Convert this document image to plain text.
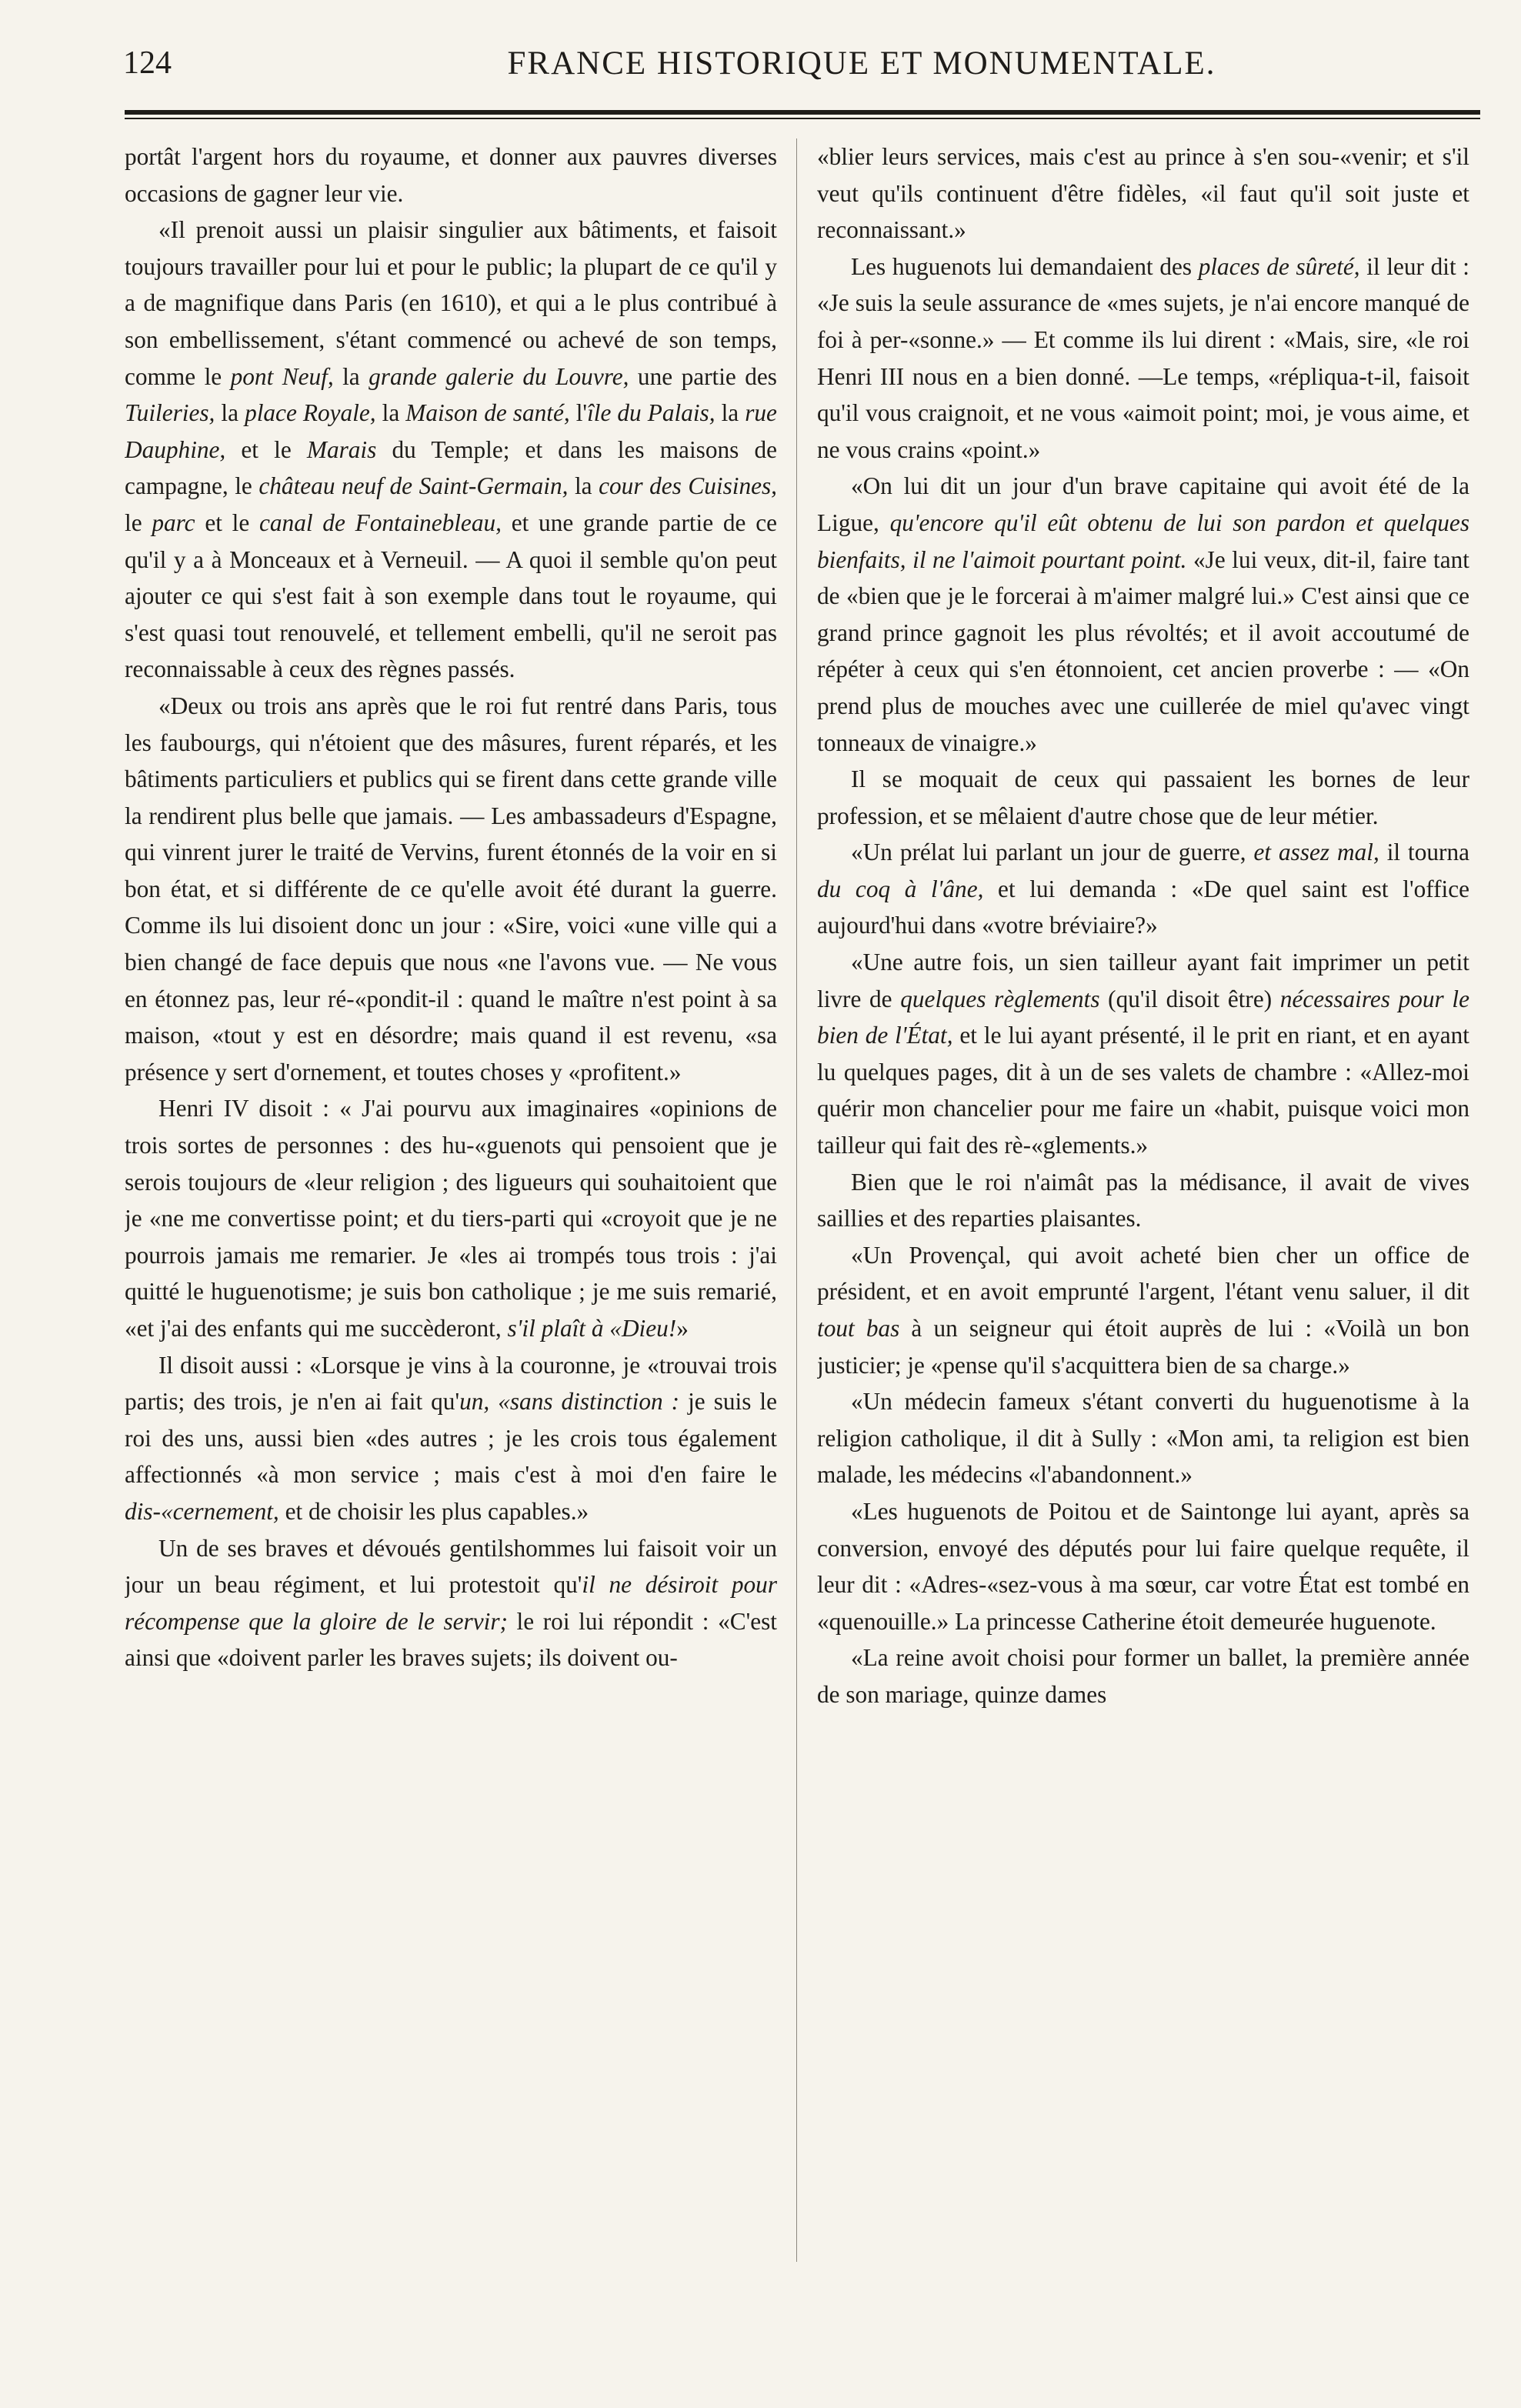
124	FRANCE HISTORIQUE ET MONUMENTALE.

portât l'argent hors du royaume, et donner aux pauvres diverses occasions de gagner leur vie.

«Il prenoit aussi un plaisir singulier aux bâtiments, et faisoit toujours travailler pour lui et pour le public; la plupart de ce qu'il y a de magnifique dans Paris (en 1610), et qui a le plus contribué à son embellissement, s'étant commencé ou achevé de son temps, comme le pont Neuf, la grande galerie du Louvre, une partie des Tuileries, la place Royale, la Maison de santé, l'île du Palais, la rue Dauphine, et le Marais du Temple; et dans les maisons de campagne, le château neuf de Saint-Germain, la cour des Cuisines, le parc et le canal de Fontainebleau, et une grande partie de ce qu'il y a à Monceaux et à Verneuil. — A quoi il semble qu'on peut ajouter ce qui s'est fait à son exemple dans tout le royaume, qui s'est quasi tout renouvelé, et tellement embelli, qu'il ne seroit pas reconnaissable à ceux des règnes passés.

«Deux ou trois ans après que le roi fut rentré dans Paris, tous les faubourgs, qui n'étoient que des mâsures, furent réparés, et les bâtiments particuliers et publics qui se firent dans cette grande ville la rendirent plus belle que jamais. — Les ambassadeurs d'Espagne, qui vinrent jurer le traité de Vervins, furent étonnés de la voir en si bon état, et si différente de ce qu'elle avoit été durant la guerre. Comme ils lui disoient donc un jour : «Sire, voici «une ville qui a bien changé de face depuis que nous «ne l'avons vue. — Ne vous en étonnez pas, leur ré-«pondit-il : quand le maître n'est point à sa maison, «tout y est en désordre; mais quand il est revenu, «sa présence y sert d'ornement, et toutes choses y «profitent.»

Henri IV disoit : « J'ai pourvu aux imaginaires «opinions de trois sortes de personnes : des hu-«guenots qui pensoient que je serois toujours de «leur religion ; des ligueurs qui souhaitoient que je «ne me convertisse point; et du tiers-parti qui «croyoit que je ne pourrois jamais me remarier. Je «les ai trompés tous trois : j'ai quitté le huguenotisme; je suis bon catholique ; je me suis remarié, «et j'ai des enfants qui me succèderont, s'il plaît à «Dieu!»

Il disoit aussi : «Lorsque je vins à la couronne, je «trouvai trois partis; des trois, je n'en ai fait qu'un, «sans distinction : je suis le roi des uns, aussi bien «des autres ; je les crois tous également affectionnés «à mon service ; mais c'est à moi d'en faire le dis-«cernement, et de choisir les plus capables.»

Un de ses braves et dévoués gentilshommes lui faisoit voir un jour un beau régiment, et lui protestoit qu'il ne désiroit pour récompense que la gloire de le servir; le roi lui répondit : «C'est ainsi que «doivent parler les braves sujets; ils doivent ou-

«blier leurs services, mais c'est au prince à s'en sou-«venir; et s'il veut qu'ils continuent d'être fidèles, «il faut qu'il soit juste et reconnaissant.»

Les huguenots lui demandaient des places de sûreté, il leur dit : «Je suis la seule assurance de «mes sujets, je n'ai encore manqué de foi à per-«sonne.» — Et comme ils lui dirent : «Mais, sire, «le roi Henri III nous en a bien donné. —Le temps, «répliqua-t-il, faisoit qu'il vous craignoit, et ne vous «aimoit point; moi, je vous aime, et ne vous crains «point.»

«On lui dit un jour d'un brave capitaine qui avoit été de la Ligue, qu'encore qu'il eût obtenu de lui son pardon et quelques bienfaits, il ne l'aimoit pourtant point. «Je lui veux, dit-il, faire tant de «bien que je le forcerai à m'aimer malgré lui.» C'est ainsi que ce grand prince gagnoit les plus révoltés; et il avoit accoutumé de répéter à ceux qui s'en étonnoient, cet ancien proverbe : — «On prend plus de mouches avec une cuillerée de miel qu'avec vingt tonneaux de vinaigre.»

Il se moquait de ceux qui passaient les bornes de leur profession, et se mêlaient d'autre chose que de leur métier.

«Un prélat lui parlant un jour de guerre, et assez mal, il tourna du coq à l'âne, et lui demanda : «De quel saint est l'office aujourd'hui dans «votre bréviaire?»

«Une autre fois, un sien tailleur ayant fait imprimer un petit livre de quelques règlements (qu'il disoit être) nécessaires pour le bien de l'État, et le lui ayant présenté, il le prit en riant, et en ayant lu quelques pages, dit à un de ses valets de chambre : «Allez-moi quérir mon chancelier pour me faire un «habit, puisque voici mon tailleur qui fait des rè-«glements.»

Bien que le roi n'aimât pas la médisance, il avait de vives saillies et des reparties plaisantes.

«Un Provençal, qui avoit acheté bien cher un office de président, et en avoit emprunté l'argent, l'étant venu saluer, il dit tout bas à un seigneur qui étoit auprès de lui : «Voilà un bon justicier; je «pense qu'il s'acquittera bien de sa charge.»

«Un médecin fameux s'étant converti du huguenotisme à la religion catholique, il dit à Sully : «Mon ami, ta religion est bien malade, les médecins «l'abandonnent.»

«Les huguenots de Poitou et de Saintonge lui ayant, après sa conversion, envoyé des députés pour lui faire quelque requête, il leur dit : «Adres-«sez-vous à ma sœur, car votre État est tombé en «quenouille.» La princesse Catherine étoit demeurée huguenote.

«La reine avoit choisi pour former un ballet, la première année de son mariage, quinze dames
